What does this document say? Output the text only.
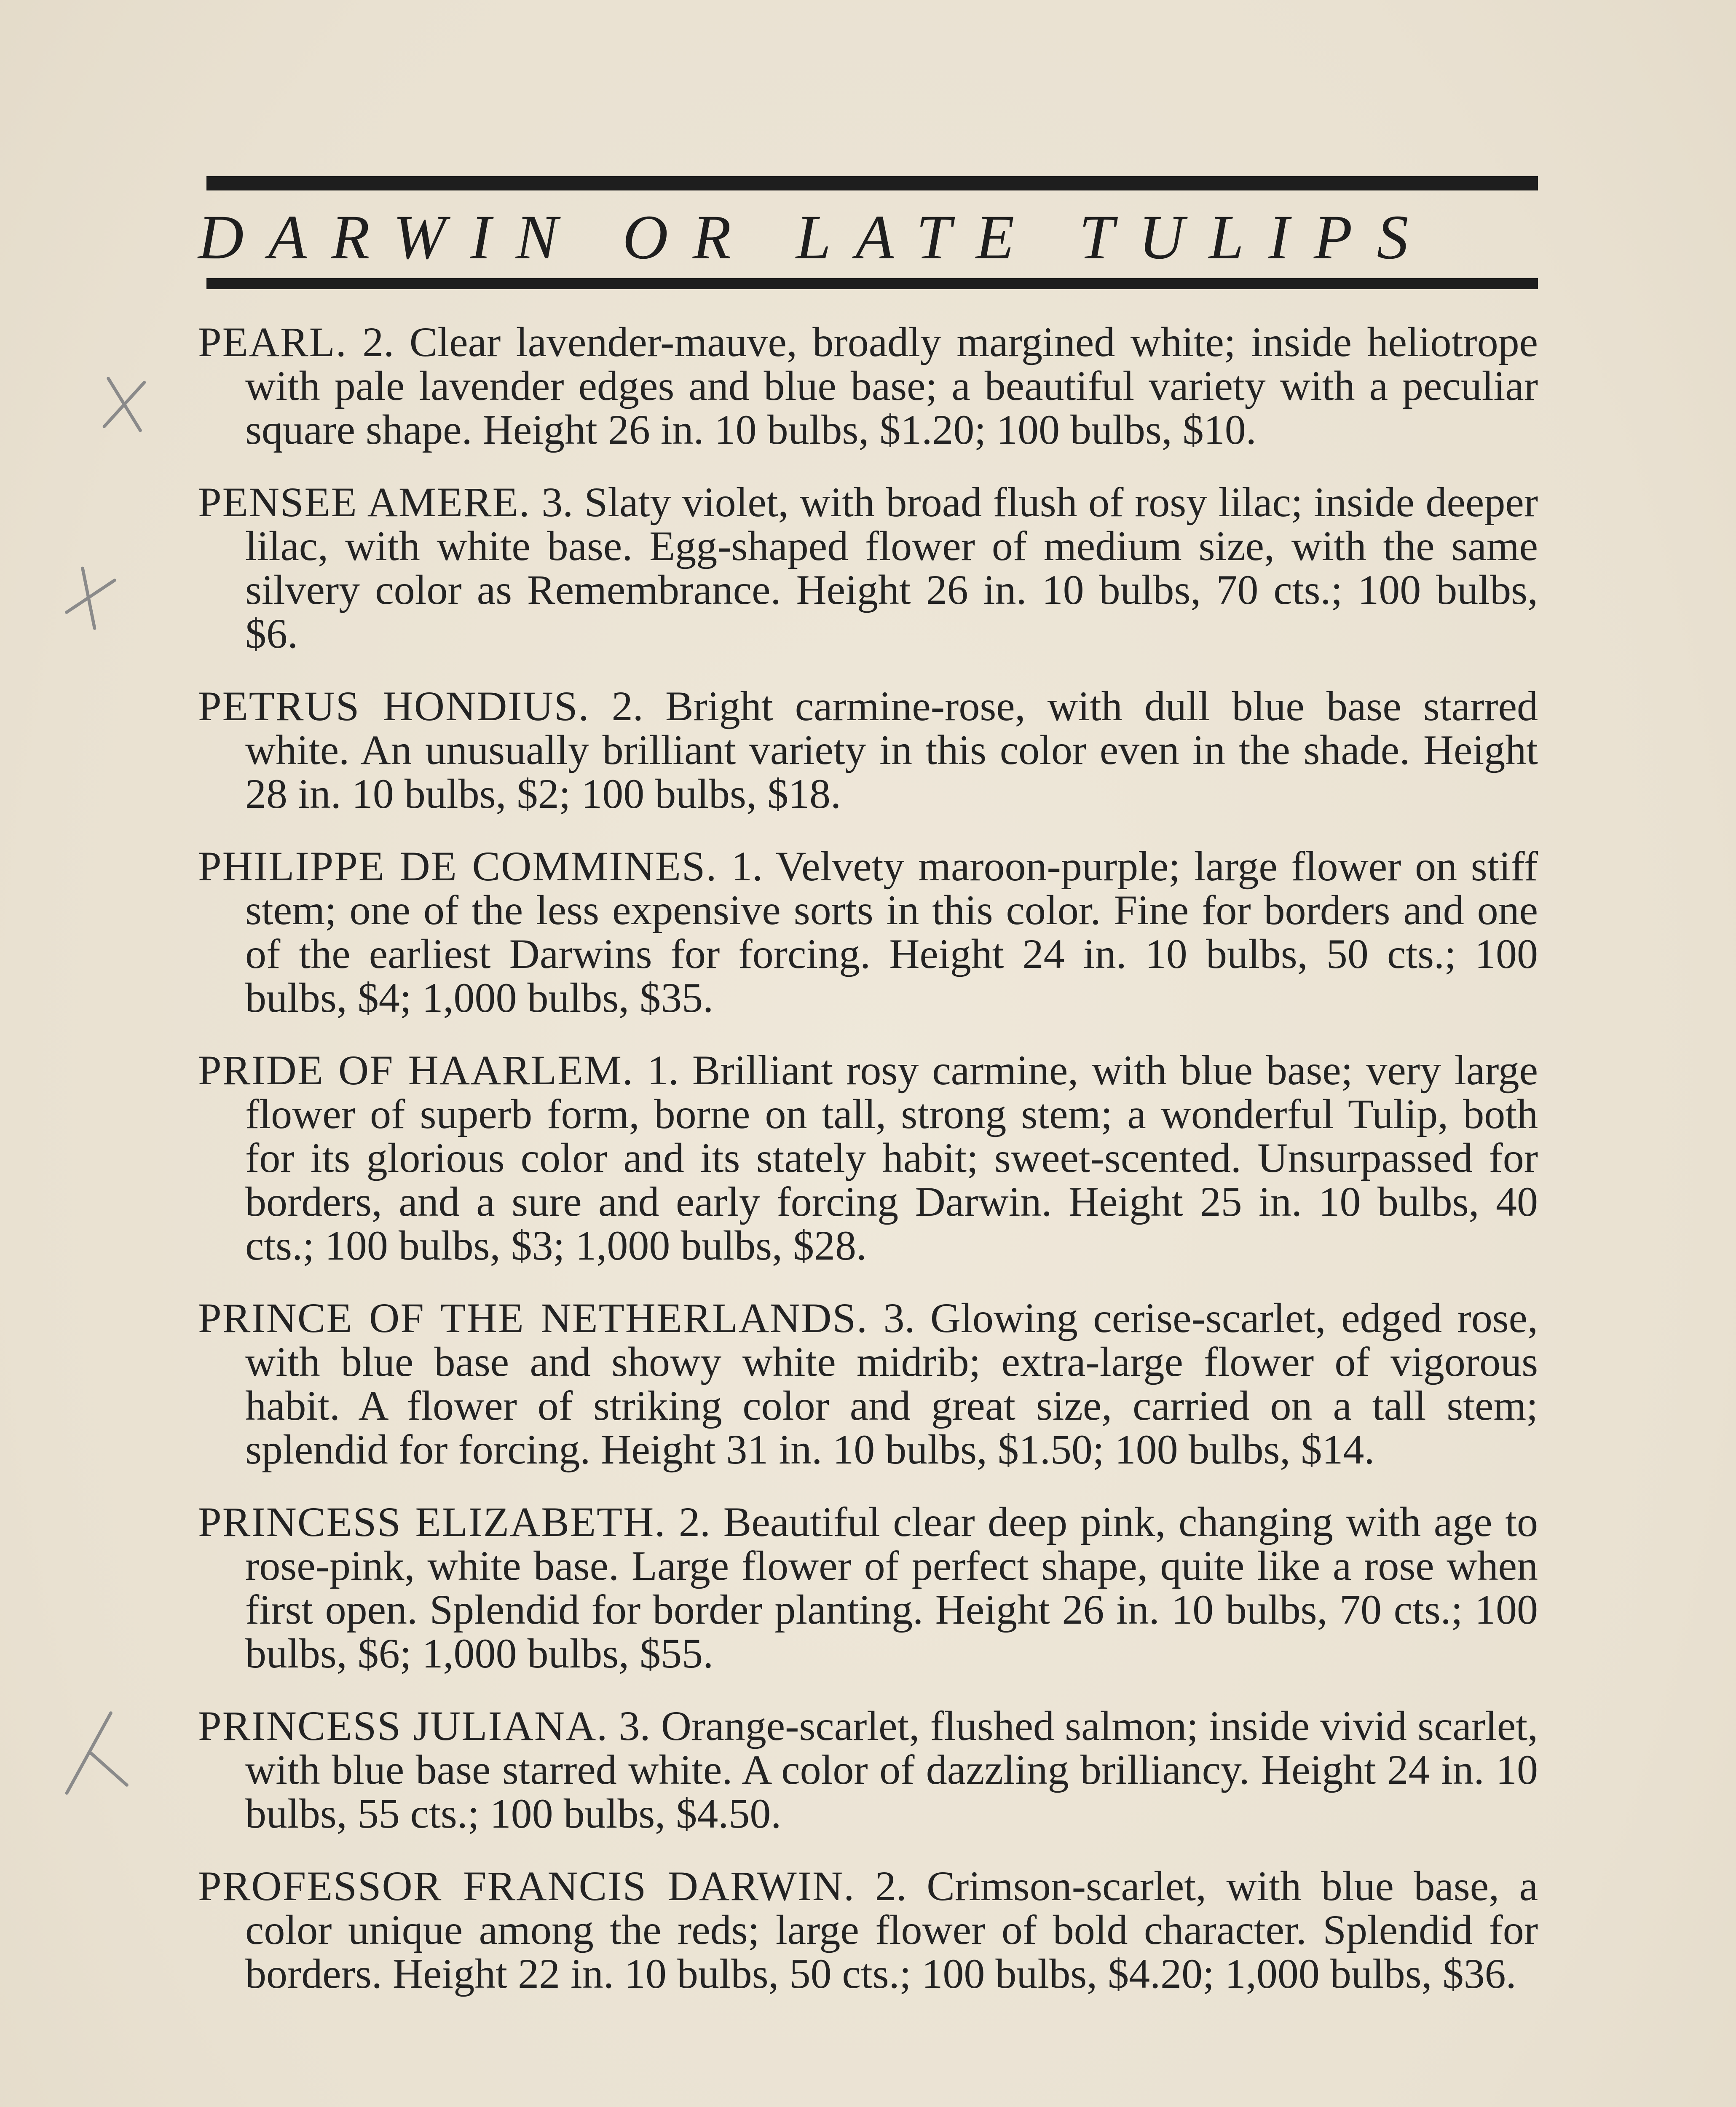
DARWIN OR LATE TULIPS

PEARL. 2. Clear lavender-mauve, broadly margined white; inside heliotrope with pale lavender edges and blue base; a beautiful variety with a peculiar square shape. Height 26 in. 10 bulbs, $1.20; 100 bulbs, $10.

PENSEE AMERE. 3. Slaty violet, with broad flush of rosy lilac; inside deeper lilac, with white base. Egg-shaped flower of medium size, with the same silvery color as Remembrance. Height 26 in. 10 bulbs, 70 cts.; 100 bulbs, $6.

PETRUS HONDIUS. 2. Bright carmine-rose, with dull blue base starred white. An unusually brilliant variety in this color even in the shade. Height 28 in. 10 bulbs, $2; 100 bulbs, $18.

PHILIPPE DE COMMINES. 1. Velvety maroon-purple; large flower on stiff stem; one of the less expensive sorts in this color. Fine for borders and one of the earliest Darwins for forcing. Height 24 in. 10 bulbs, 50 cts.; 100 bulbs, $4; 1,000 bulbs, $35.

PRIDE OF HAARLEM. 1. Brilliant rosy carmine, with blue base; very large flower of superb form, borne on tall, strong stem; a wonderful Tulip, both for its glorious color and its stately habit; sweet-scented. Unsurpassed for borders, and a sure and early forcing Darwin. Height 25 in. 10 bulbs, 40 cts.; 100 bulbs, $3; 1,000 bulbs, $28.

PRINCE OF THE NETHERLANDS. 3. Glowing cerise-scarlet, edged rose, with blue base and showy white midrib; extra-large flower of vigorous habit. A flower of striking color and great size, carried on a tall stem; splendid for forcing. Height 31 in. 10 bulbs, $1.50; 100 bulbs, $14.

PRINCESS ELIZABETH. 2. Beautiful clear deep pink, changing with age to rose-pink, white base. Large flower of perfect shape, quite like a rose when first open. Splendid for border planting. Height 26 in. 10 bulbs, 70 cts.; 100 bulbs, $6; 1,000 bulbs, $55.

PRINCESS JULIANA. 3. Orange-scarlet, flushed salmon; inside vivid scarlet, with blue base starred white. A color of dazzling brilliancy. Height 24 in. 10 bulbs, 55 cts.; 100 bulbs, $4.50.

PROFESSOR FRANCIS DARWIN. 2. Crimson-scarlet, with blue base, a color unique among the reds; large flower of bold character. Splendid for borders. Height 22 in. 10 bulbs, 50 cts.; 100 bulbs, $4.20; 1,000 bulbs, $36.
